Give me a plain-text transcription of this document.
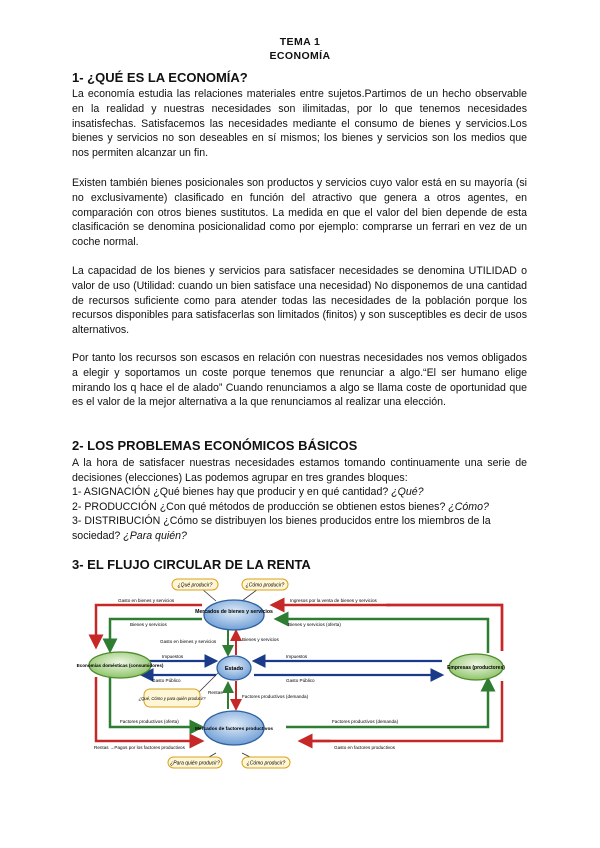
TEMA 1
ECONOMÍA
1- ¿QUÉ ES LA ECONOMÍA?

La economía estudia las relaciones materiales entre sujetos.Partimos de un hecho observable en la realidad y nuestras necesidades son ilimitadas, por lo que tenemos necesidades insatisfechas. Satisfacemos las necesidades mediante el consumo de bienes y servicios.Los bienes y servicios no son deseables en sí mismos; los bienes y servicios son los medios que nos permiten alcanzar un fin.

Existen también bienes posicionales son productos y servicios cuyo valor está en su mayoría (si no exclusivamente) clasificado en función del atractivo que genera a otros agentes, en comparación con otros bienes sustitutos. La medida en que el valor del bien depende de esta clasificación se denomina posicionalidad como por ejemplo: comprarse un ferrari en vez de un coche normal.

La capacidad de los bienes y servicios para satisfacer necesidades se denomina UTILIDAD o valor de uso (Utilidad: cuando un bien satisface una necesidad) No disponemos de una cantidad de recursos suficiente como para atender todas las necesidades de la población porque los recursos disponibles para satisfacerlas son limitados (finitos) y son susceptibles es decir de usos alternativos.

Por tanto los recursos son escasos en relación con nuestras necesidades nos vemos obligados a elegir y soportamos un coste porque tenemos que renunciar a algo.“El ser humano elige mirando los q hace el de alado” Cuando renunciamos a algo se llama coste de oportunidad que es el valor de la mejor alternativa a la que renunciamos al realizar una elección.

2- LOS PROBLEMAS ECONÓMICOS BÁSICOS

A la hora de satisfacer nuestras necesidades estamos tomando continuamente una serie de decisiones (elecciones) Las podemos agrupar en tres grandes bloques:

1- ASIGNACIÓN ¿Qué bienes hay que producir y en qué cantidad? ¿Qué?

2- PRODUCCIÓN ¿Con qué métodos de producción se obtienen estos bienes? ¿Cómo?

3- DISTRIBUCIÓN ¿Cómo se distribuyen los bienes producidos entre los miembros de la

sociedad? ¿Para quién?

3- EL FLUJO CIRCULAR DE LA RENTA
Mercados de bienes y servicios
Estado
Mercados de factores productivos
Economías domésticas (consumidores)	Empresas (productores)
¿Qué producir?	¿Cómo producir?
¿Qué, Cómo y para quién producir?
¿Para quién producir?	¿Cómo producir?
Gasto en bienes y servicios	Ingresos por la venta de bienes y servicios
Bienes y servicios	Bienes y servicios (oferta)
Gasto en bienes y servicios	Bienes y servicios
Impuestos	Impuestos
Gasto Público	Gasto Público
Rentas
Factores productivos (demanda)
Factores productivos (oferta)	Factores productivos (demanda)
Rentas →Pagos por los factores productivos	Gasto en factores productivos
